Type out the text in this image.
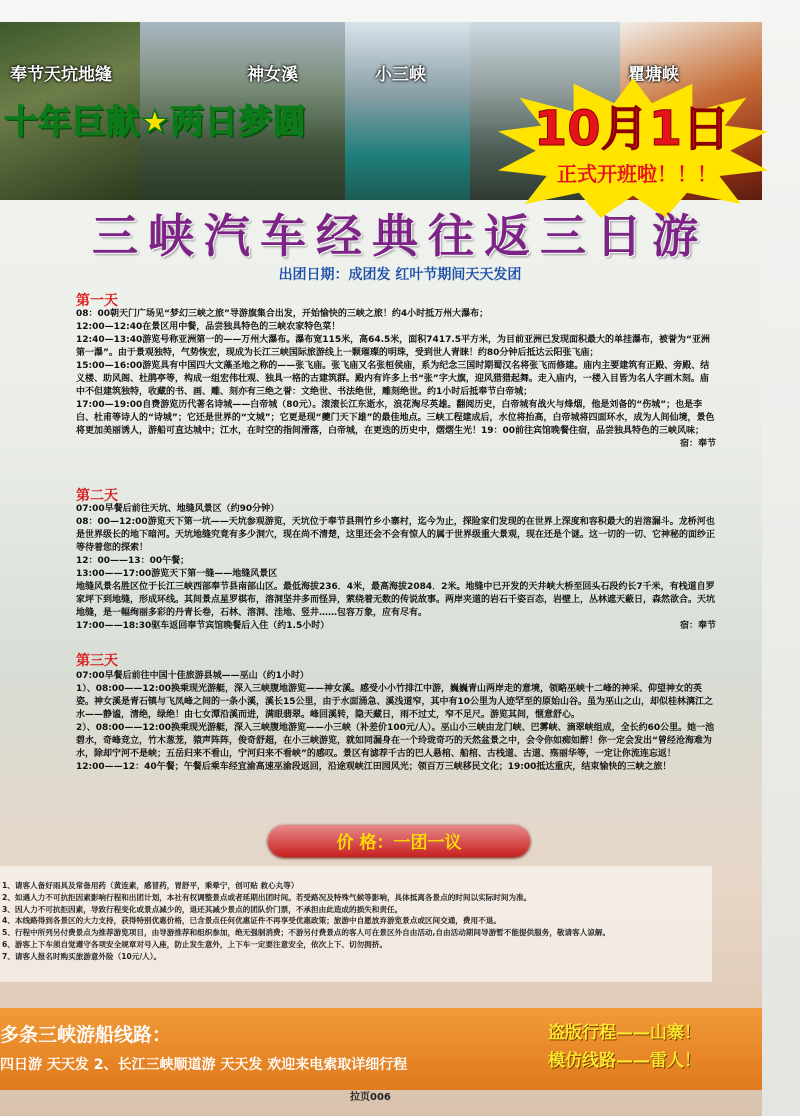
奉节天坑地缝	神女溪	小三峡	瞿塘峡
十年巨献★两日梦圆	10月1日
正式开班啦！！！
三峡汽车经典往返三日游
出团日期：成团发 红叶节期间天天发团
第一天

08：00朝天门广场见“梦幻三峡之旅”导游旗集合出发，开始愉快的三峡之旅！约4小时抵万州大瀑布；

12:00—12:40在景区用中餐，品尝独具特色的三峡农家特色菜！

12:40—13:40游览号称亚洲第一的——万州大瀑布。瀑布宽115米，高64.5米，面积7417.5平方米，为目前亚洲已发现面积最大的单挂瀑布，被誉为“亚洲第一瀑”。由于景观独特，气势恢宏，现成为长江三峡国际旅游线上一颗璀璨的明珠，受到世人青睐！约80分钟后抵达云阳张飞庙；

15:00—16:00游览具有中国四大文藻圣地之称的——张飞庙。张飞庙又名张桓侯庙，系为纪念三国时期蜀汉名将张飞而修建。庙内主要建筑有正殿、旁殿、结义楼、助风阁、杜鹃亭等，构成一组宏伟壮观、独具一格的古建筑群。殿内有许多上书“张”字大旗，迎风猎猎起舞。走入庙内，一楼入目皆为名人字画木刻。庙中不但建筑独特，收藏的书、画、雕、刻亦有三绝之誉：文绝世、书法绝世，雕刻绝世。约1小时后抵奉节白帝城；

17:00—19:00自费游览历代著名诗城——白帝城（80元）。滚滚长江东逝水，浪花淘尽英雄。翻阅历史，白帝城有战火与烽烟，他是刘备的“伤城”；也是李白、杜甫等诗人的“诗城”；它还是世界的“文城”；它更是现“夔门天下雄”的最佳地点。三峡工程建成后，水位将抬高，白帝城将四面环水，成为人间仙境，景色将更加美丽诱人，游船可直达城中；江水，在时空的指间滑落，白帝城，在更迭的历史中，熠熠生光！19：00前往宾馆晚餐住宿，品尝独具特色的三峡风味；

宿：奉节
第二天

07:00早餐后前往天坑、地缝风景区（约90分钟）

08：00—12:00游览天下第一坑——天坑参观游览，天坑位于奉节县荆竹乡小寨村，迄今为止，探险家们发现的在世界上深度和容积最大的岩溶漏斗。龙桥河也是世界级长的地下暗河。天坑地缝究竟有多少洞穴，现在尚不清楚，这里还会不会有惊人的属于世界级重大景观，现在还是个谜。这一切的一切、它神秘的面纱正等待着您的探索！

12：00——13：00午餐；

13:00——17:00游览天下第一缝——地缝风景区

地缝风景名胜区位于长江三峡西部奉节县南部山区。最低海拔236．4米，最高海拔2084．2米。地缝中已开发的天井峡大桥至回头石段约长7千米，有栈道自罗家坪下到地缝，形成环线。其间景点星罗棋布，溶洞坚井多而怪异，萦绕着无数的传说故事。两岸夹道的岩石千姿百态，岩壁上，丛林遮天蔽日，森然欲合。天坑地缝，是一幅绚丽多彩的丹青长卷，石林、溶洞、洼地、竖井……包容万象，应有尽有。

17:00——18:30驱车返回奉节宾馆晚餐后入住（约1.5小时）	宿：奉节
第三天

07:00早餐后前往中国十佳旅游县城——巫山（约1小时）

1）、08:00——12:00换乘现光游艇，深入三峡腹地游览——神女溪。感受小小竹排江中游，巍巍青山两岸走的意境，领略巫峡十二峰的神采、仰望神女的英姿。神女溪是青石镇与飞凤峰之间的一条小溪，溪长15公里，由于水面涌急、溪浅道窄，其中有10公里为人迹罕至的原始山谷。虽为巫山之山，却似桂林漓江之水——静谧，清绝，绿绝！由七女潭沿溪而进，满眼翡翠。峰回溪转，隐天藏日，雨不过丈，窄不足尺。游览其间，惬意舒心。

2）、08:00——12:00换乘现光游艇，深入三峡腹地游览——小三峡（补差价100元/人）。巫山小三峡由龙门峡、巴雾峡、滴翠峡组成，全长约60公里。她一池碧水，奇峰竞立，竹木葱茏，猿声阵阵，俊奇舒超，在小三峡游览，就如同漏身在一个玲珑奇巧的天然盆景之中，会令你如痴如醉！你一定会发出“曾经沧海难为水，除却宁河不是峡；五岳归来不看山，宁河归来不看峡”的感叹。景区有滤荐千古的巴人悬棺、船棺、古栈道、古道、殇丽华等，一定让你流连忘返！

12:00——12：40午餐；午餐后乘车经宜渝高速巫渝段返回，沿途观峡江田园风光；领百万三峡移民文化；19:00抵达重庆，结束愉快的三峡之旅！

价 格：一团一议

1、请客人备好雨具及常备用药（黄连素，感冒药，胃舒平，乘晕宁，创可贴 救心丸等）

2、如遇人力不可抗拒因素影响行程和出团计划，本社有权调整景点或者延期出团时间。若受路况及特殊气候等影响，具体抵离各景点的时间以实际时间为准。

3、因人力不可抗拒因素，导致行程变化或景点减少的，退还其减少景点的团队价门票，不承担由此造成的损失和责任。

4、本线路得到各景区的大力支持，获得特别优惠价格，已含景点任何优惠证件不再享受优惠政策；旅游中自愿放弃游览景点或区间交通，费用不退。

5、行程中所列另付费景点为推荐游览项目，由导游推荐和组织参加，绝无强制消费；不游另付费景点的客人可在景区外自由活动,自由活动期间导游暂不能提供服务，敬请客人谅解。

6、游客上下车须自觉遵守各项安全规章对号入座，防止发生意外，上下车一定要注意安全，依次上下、切勿拥挤。

7、请客人报名时购买旅游意外险（10元/人）。

多条三峡游船线路：
四日游 天天发 2、长江三峡顺道游 天天发 欢迎来电索取详细行程
盗版行程——山寨！
模仿线路——雷人！
拉页006
